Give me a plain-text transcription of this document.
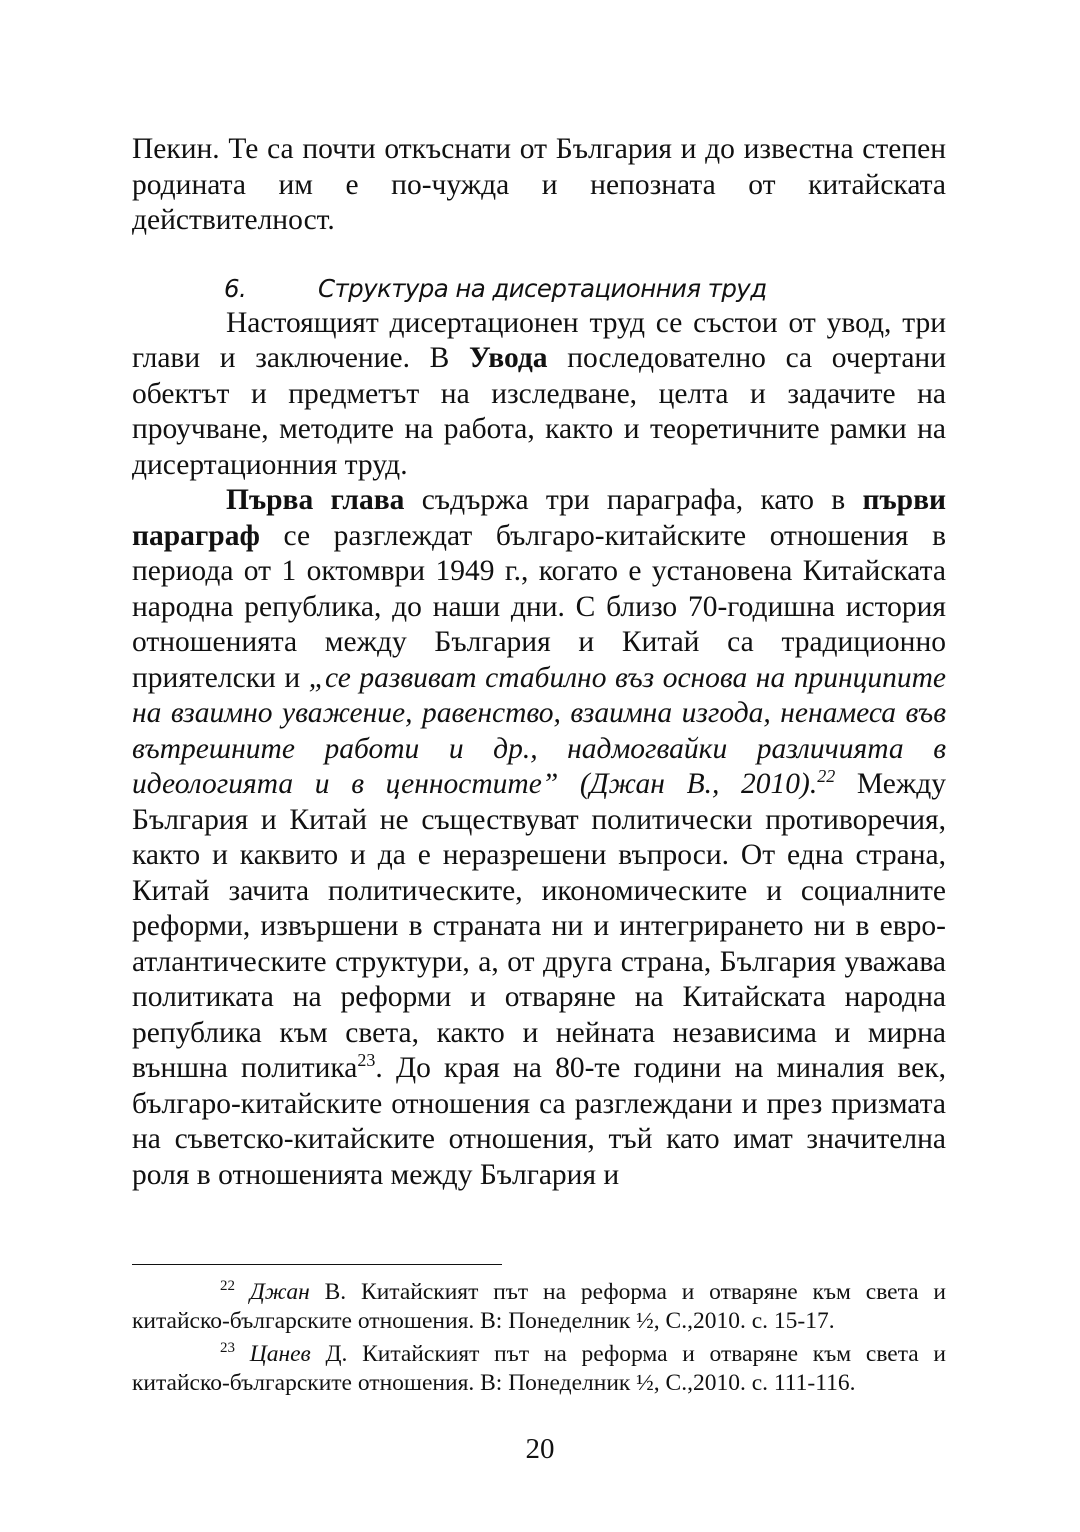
Пекин. Те са почти откъснати от България и до известна степен родината им е по-чужда и непозната от китайската действителност.

6.	Структура на дисертационния труд

Настоящият дисертационен труд се състои от увод, три глави и заключение. В Увода последователно са очертани обектът и предметът на изследване, целта и задачите на проучване, методите на работа, както и теоретичните рамки на дисертационния труд.

Първа глава съдържа три параграфа, като в първи параграф се разглеждат българо-китайските отношения в периода от 1 октомври 1949 г., когато е установена Китайската народна република, до наши дни. С близо 70-годишна история отношенията между България и Китай са традиционно приятелски и „се развиват стабилно въз основа на принципите на взаимно уважение, равенство, взаимна изгода, ненамеса във вътрешните работи и др., надмогвайки различията в идеологията и в ценностите” (Джан В., 2010).$^{22}$ Между България и Китай не съществуват политически противоречия, както и каквито и да е неразрешени въпроси. От една страна, Китай зачита политическите, икономическите и социалните реформи, извършени в страната ни и интегрирането ни в евро-атлантическите структури, а, от друга страна, България уважава политиката на реформи и отваряне на Китайската народна република към света, както и нейната независима и мирна външна политика$^{23}$. До края на 80-те години на миналия век, българо-китайските отношения са разглеждани и през призмата на съветско-китайските отношения, тъй като имат значителна роля в отношенията между България и

$^{22}$ Джан В. Китайският път на реформа и отваряне към света и китайско-българските отношения. В: Понеделник ½, С.,2010. с. 15-17.

$^{23}$ Цанев Д. Китайският път на реформа и отваряне към света и китайско-българските отношения. В: Понеделник ½, С.,2010. с. 111-116.

20
